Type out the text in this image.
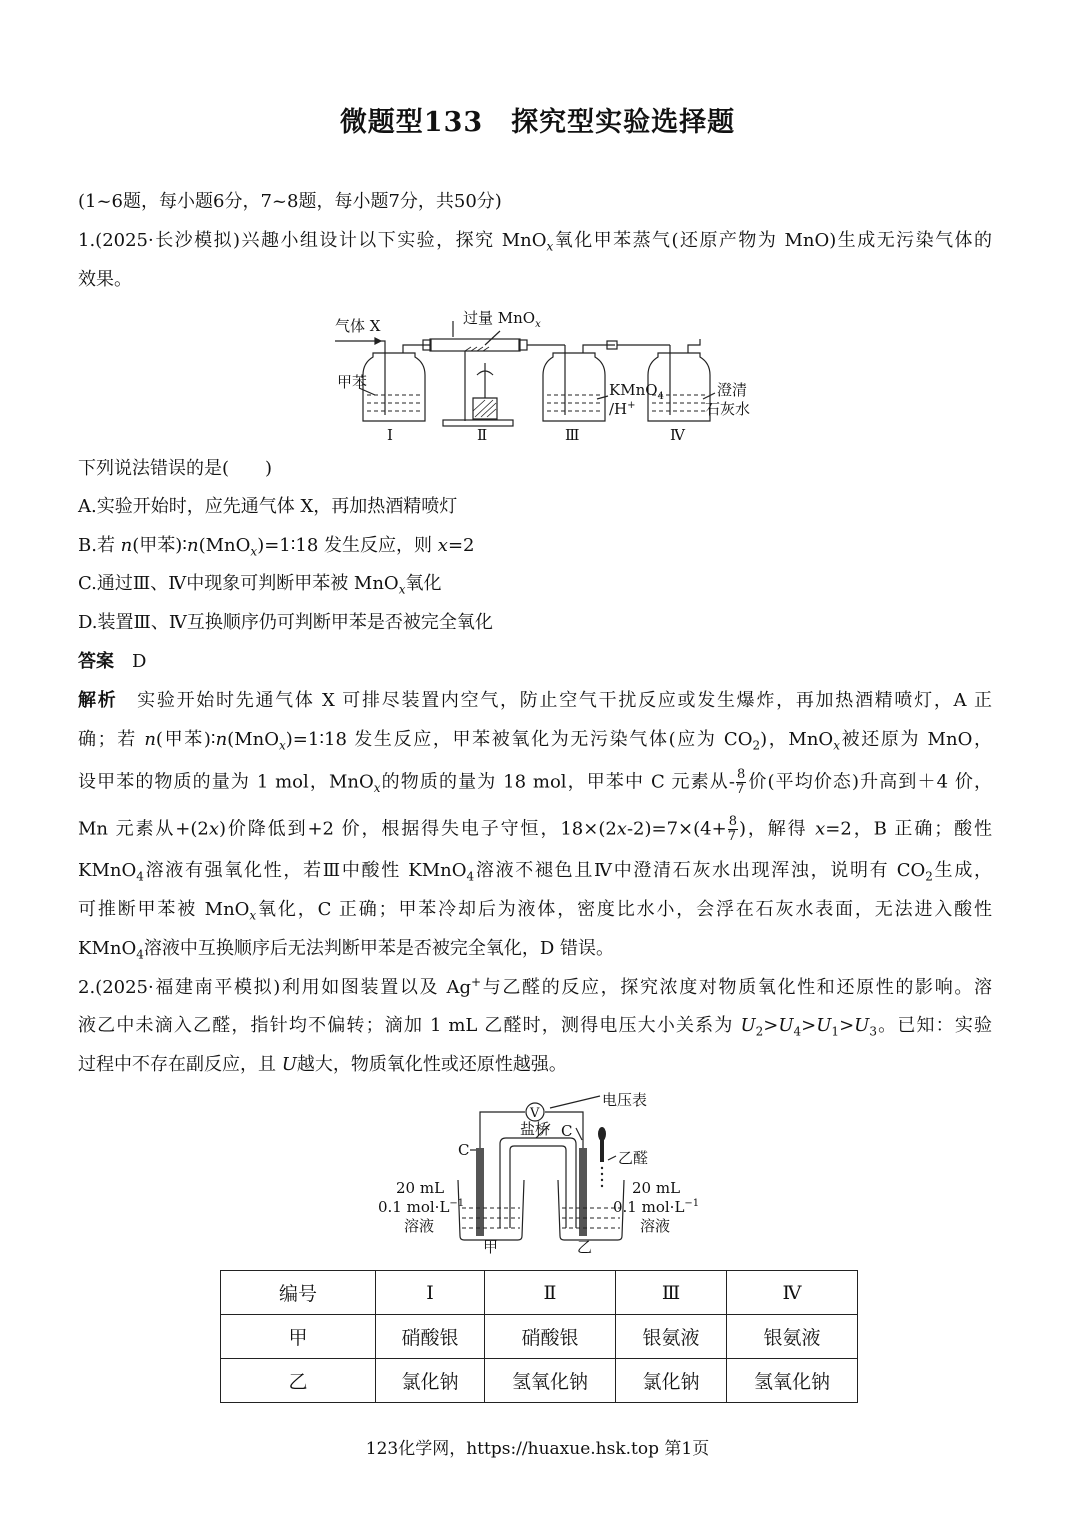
微题型133　探究型实验选择题
(1~6题，每小题6分，7~8题，每小题7分，共50分)
1.(2025·长沙模拟)兴趣小组设计以下实验，探究 MnO$_x$氧化甲苯蒸气(还原产物为 MnO)生成无污染气体的
效果。
气体 X	过量 MnO$_x$
甲苯	KMnO$_4$
/H+
澄清
石灰水
Ⅰ	Ⅱ	Ⅲ	Ⅳ
下列说法错误的是(　　)
A.实验开始时，应先通气体 X，再加热酒精喷灯
B.若 n(甲苯)∶n(MnO$_x$)=1∶18 发生反应，则 x=2
C.通过Ⅲ、Ⅳ中现象可判断甲苯被 MnO$_x$氧化
D.装置Ⅲ、Ⅳ互换顺序仍可判断甲苯是否被完全氧化
答案　 D
解析　 实验开始时先通气体 X 可排尽装置内空气，防止空气干扰反应或发生爆炸，再加热酒精喷灯，A 正
确；若 n(甲苯)∶n(MnO$_x$)=1∶18 发生反应，甲苯被氧化为无污染气体(应为 $CO_2$)，MnO$_x$被还原为 MnO，
设甲苯的物质的量为 1 mol，MnO$_x$的物质的量为 18 mol，甲苯中 C 元素从- $\frac{8}{7}$ 价(平均价态)升高到＋4 价，
Mn 元素从+(2x)价降低到+2 价，根据得失电子守恒，$18\times(2x-2)=7\times(4+ \frac{8}{7}$ )，解得 x=2，B 正确；酸性
KMnO$_4$溶液有强氧化性，若Ⅲ中酸性 KMnO$_4$溶液不褪色且Ⅳ中澄清石灰水出现浑浊，说明有 $CO_2$生成，
可推断甲苯被 MnO$_x$氧化，C 正确；甲苯冷却后为液体，密度比水小，会浮在石灰水表面，无法进入酸性
KMnO$_4$溶液中互换顺序后无法判断甲苯是否被完全氧化，D 错误。
2.(2025·福建南平模拟)利用如图装置以及 Ag+与乙醛的反应，探究浓度对物质氧化性和还原性的影响。溶
液乙中未滴入乙醛，指针均不偏转；滴加 1 mL 乙醛时，测得电压大小关系为 $U_2>U_4>U_1>U_3$。已知：实验
过程中不存在副反应，且 U越大，物质氧化性或还原性越强。
V
电压表
盐桥
C
C
乙醛
20 mL
0.1 $mol\cdot L^{-1}$
溶液
20 mL
0.1 $mol\cdot L^{-1}$
溶液
甲	乙
编号	Ⅰ	Ⅱ	Ⅲ	Ⅳ
甲	硝酸银	硝酸银	银氨液	银氨液
乙	氯化钠	氢氧化钠	氯化钠	氢氧化钠
123化学网，https://huaxue.hsk.top 第1页
